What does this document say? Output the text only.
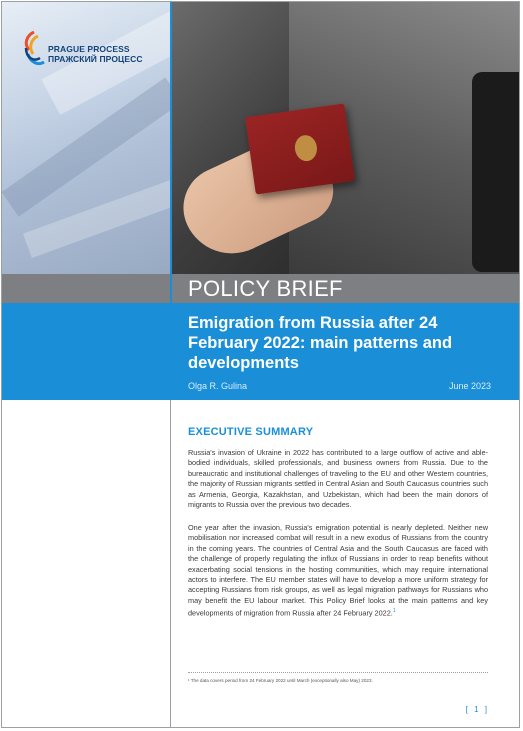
PRAGUE PROCESS
ПРАЖСКИЙ ПРОЦЕСС
POLICY BRIEF
Emigration from Russia after 24 February 2022: main patterns and developments
Olga R. Gulina	June 2023
EXECUTIVE SUMMARY

Russia's invasion of Ukraine in 2022 has contributed to a large outflow of active and able-bodied individuals, skilled professionals, and business owners from Russia. Due to the bureaucratic and institutional challenges of traveling to the EU and other Western countries, the majority of Russian migrants settled in Central Asian and South Caucasus countries such as Armenia, Georgia, Kazakhstan, and Uzbekistan, which had been the main donors of migrants to Russia over the previous two decades.

One year after the invasion, Russia's emigration potential is nearly depleted. Neither new mobilisation nor increased combat will result in a new exodus of Russians from the country in the coming years. The countries of Central Asia and the South Caucasus are faced with the challenge of properly regulating the influx of Russians in order to reap benefits without exacerbating social tensions in the hosting communities, which may require international actors to interfere. The EU member states will have to develop a more uniform strategy for accepting Russians from risk groups, as well as legal migration pathways for Russians who may benefit the EU labour market. This Policy Brief looks at the main patterns and key developments of migration from Russia after 24 February 2022.$^1$

¹ The data covers period from 24 February 2022 until March (exceptionally also May) 2023.
[ 1 ]
